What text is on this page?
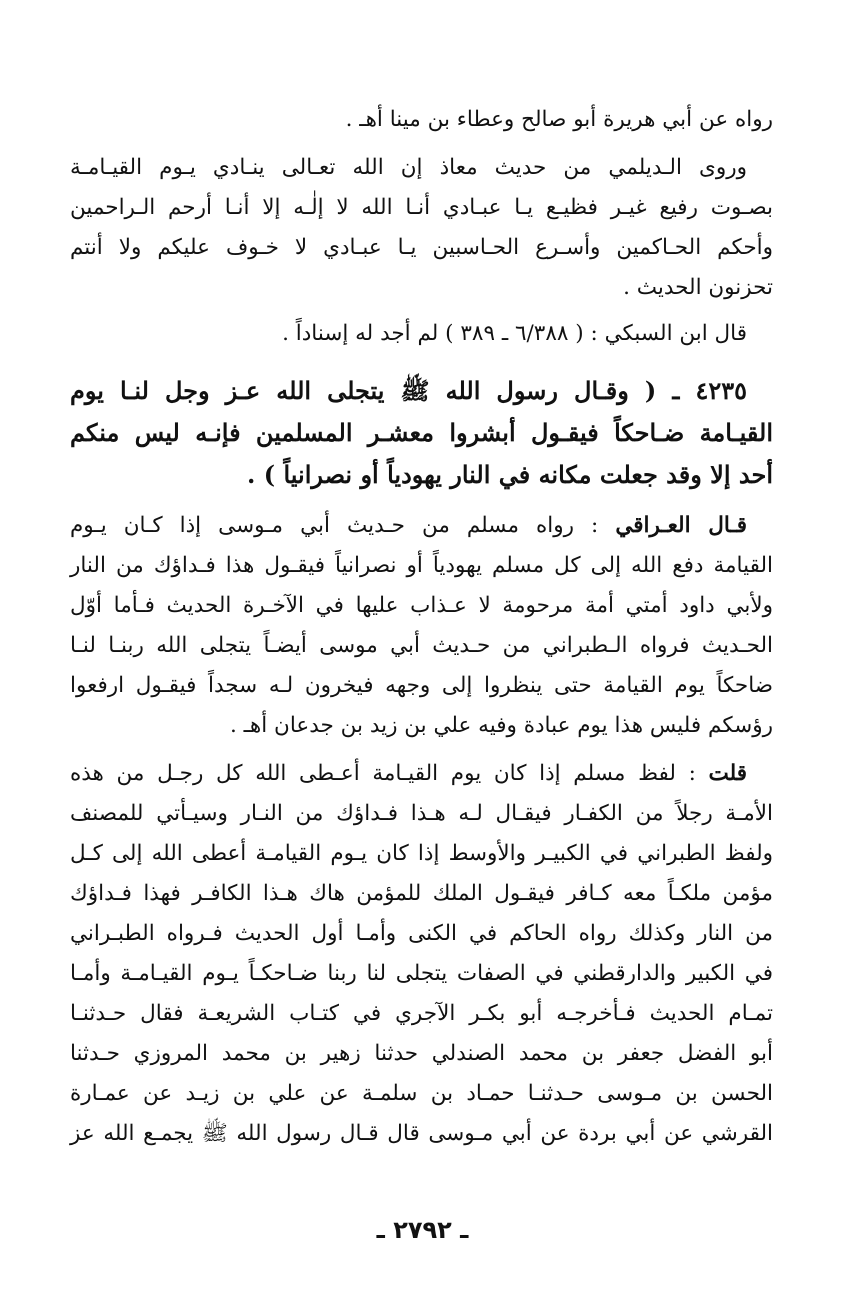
رواه عن أبي هريرة أبو صالح وعطاء بن مينا أهـ .

وروى الـديلمي من حديث معاذ إن الله تعـالى ينـادي يـوم القيـامـة
بصـوت رفيع غيـر فظيـع يـا عبـادي أنـا الله لا إلٰـه إلا أنـا أرحم الـراحمين
وأحكم الحـاكمين وأسـرع الحـاسبين يـا عبـادي لا خـوف عليكم ولا أنتم
تحزنون الحديث .

قال ابن السبكي : ( ٦/٣٨٨ ـ ٣٨٩ ) لم أجد له إسناداً .

٤٢٣٥ ـ ( وقـال رسول الله ﷺ يتجلى الله عـز وجل لنـا يوم
القيـامة ضـاحكاً فيقـول أبشروا معشـر المسلمين فإنـه ليس منكم
أحد إلا وقد جعلت مكانه في النار يهودياً أو نصرانياً ) .

قـال العـراقي : رواه مسلم من حـديث أبي مـوسى إذا كـان يـوم
القيامة دفع الله إلى كل مسلم يهودياً أو نصرانياً فيقـول هذا فـداؤك من النار
ولأبي داود أمتي أمة مرحومة لا عـذاب عليها في الآخـرة الحديث فـأما أوّل
الحـديث فرواه الـطبراني من حـديث أبي موسى أيضـاً يتجلى الله ربنـا لنـا
ضاحكاً يوم القيامة حتى ينظروا إلى وجهه فيخرون لـه سجداً فيقـول ارفعوا
رؤسكم فليس هذا يوم عبادة وفيه علي بن زيد بن جدعان أهـ .

قلت : لفظ مسلم إذا كان يوم القيـامة أعـطى الله كل رجـل من هذه
الأمـة رجلاً من الكفـار فيقـال لـه هـذا فـداؤك من النـار وسيـأتي للمصنف
ولفظ الطبراني في الكبيـر والأوسط إذا كان يـوم القيامـة أعطى الله إلى كـل
مؤمن ملكـاً معه كـافر فيقـول الملك للمؤمن هاك هـذا الكافـر فهذا فـداؤك
من النار وكذلك رواه الحاكم في الكنى وأمـا أول الحديث فـرواه الطبـراني
في الكبير والدارقطني في الصفات يتجلى لنا ربنا ضـاحكـاً يـوم القيـامـة وأمـا
تمـام الحديث فـأخرجـه أبو بكـر الآجري في كتـاب الشريعـة فقال حـدثنـا
أبو الفضل جعفر بن محمد الصندلي حدثنا زهير بن محمد المروزي حـدثنا
الحسن بن مـوسى حـدثنـا حمـاد بن سلمـة عن علي بن زيـد عن عمـارة
القرشي عن أبي بردة عن أبي مـوسى قال قـال رسول الله ﷺ يجمـع الله عز

ـ ٢٧٩٢ ـ
